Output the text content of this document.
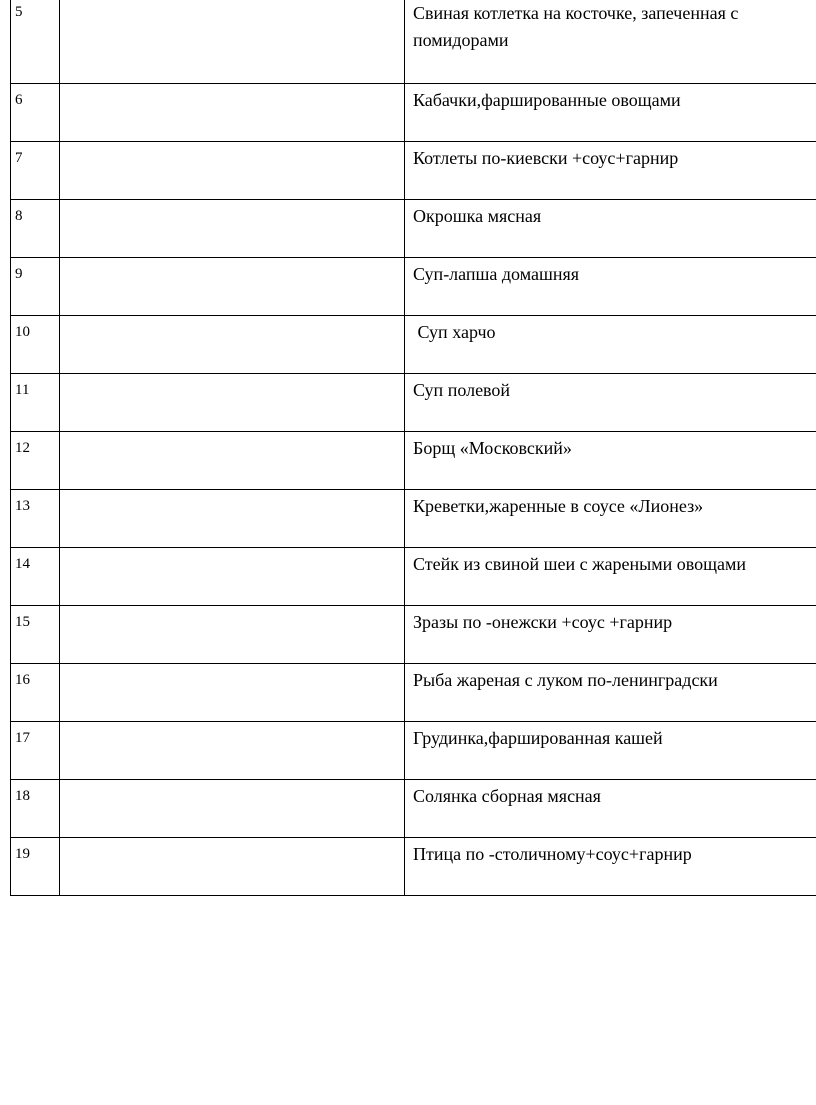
5		Свиная котлетка на косточке, запеченная с помидорами

6		Кабачки,фаршированные овощами

7		Котлеты по-киевски +соус+гарнир

8		Окрошка мясная

9		Суп-лапша домашняя

10		Суп харчо

11		Суп полевой

12		Борщ «Московский»

13		Креветки,жаренные в соусе «Лионез»

14		Стейк из свиной шеи с жареными овощами

15		Зразы по -онежски +соус +гарнир

16		Рыба жареная с луком по-ленинградски

17		Грудинка,фаршированная кашей

18		Солянка сборная мясная

19		Птица по -столичному+соус+гарнир
